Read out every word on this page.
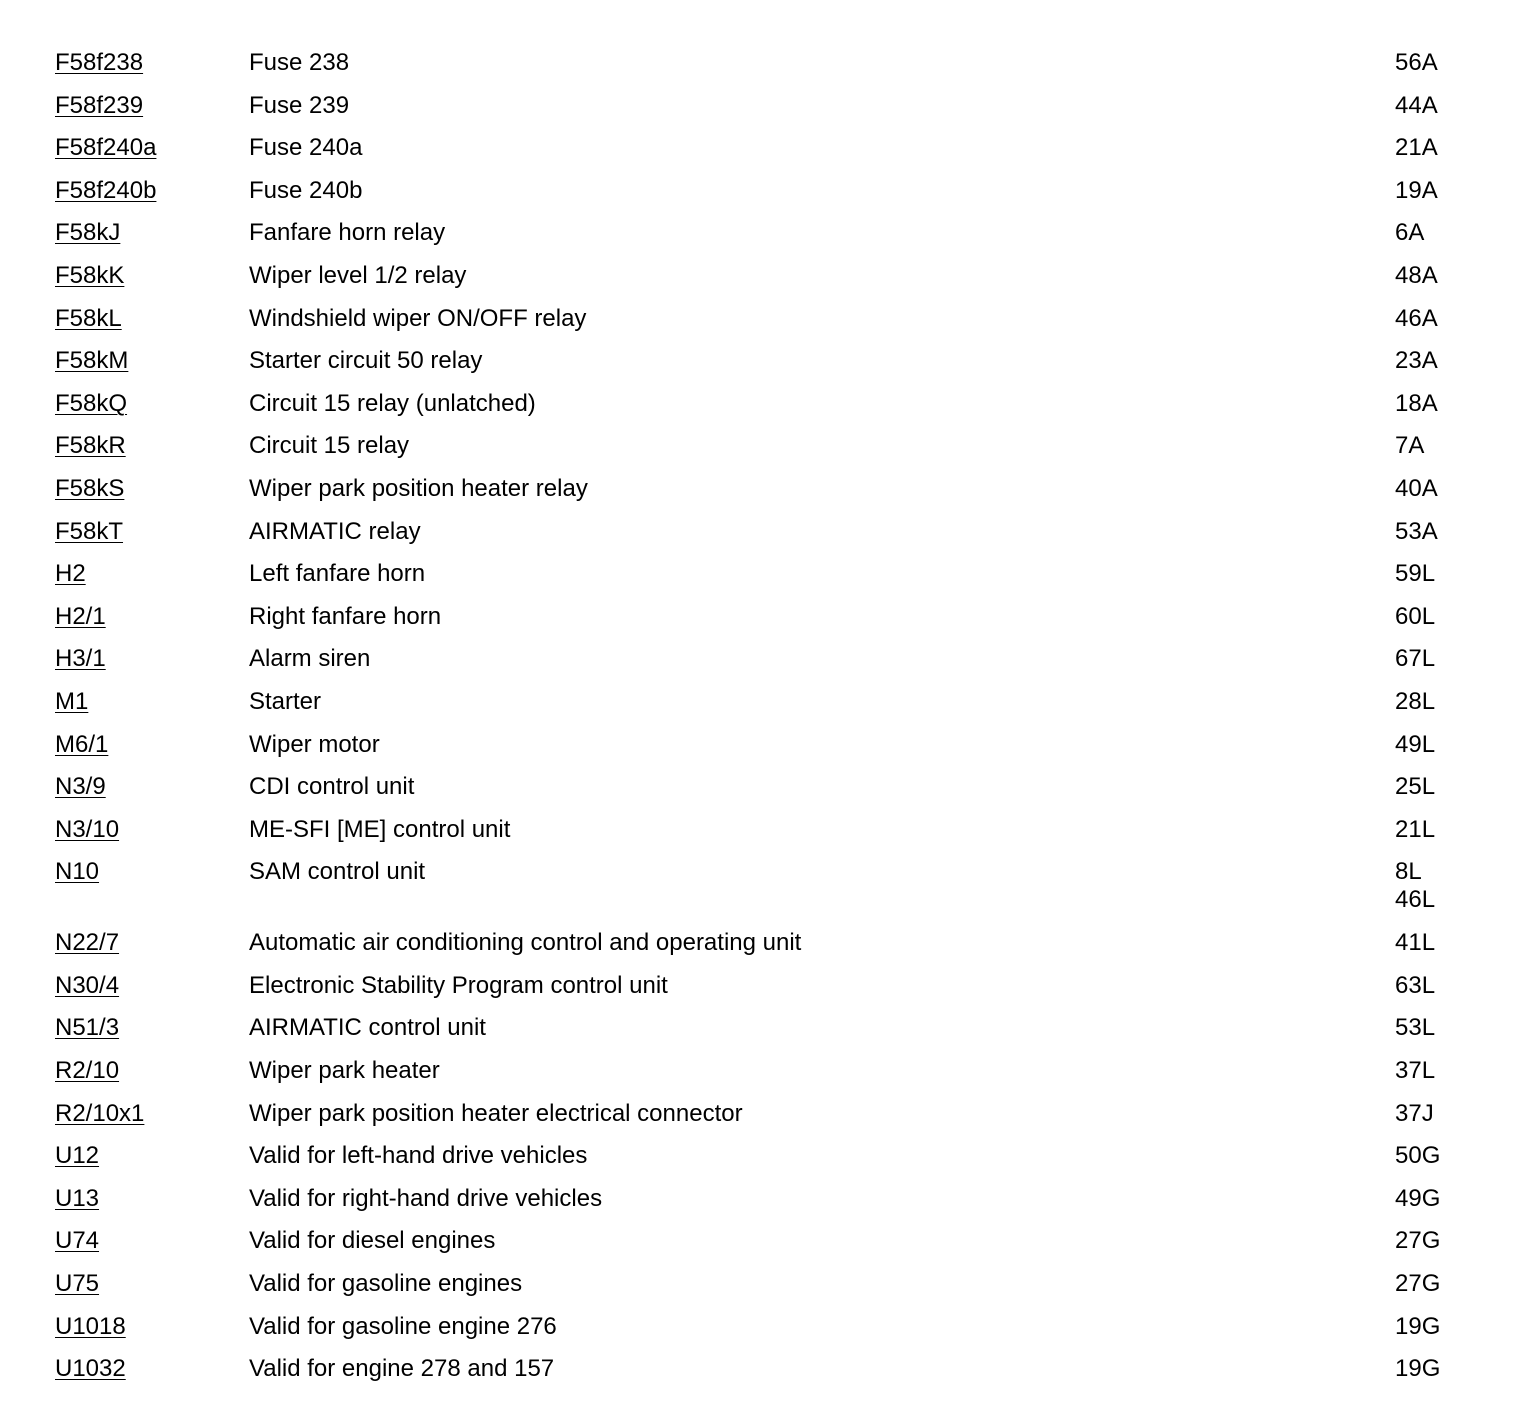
F58f238	Fuse 238	56A
F58f239	Fuse 239	44A
F58f240a	Fuse 240a	21A
F58f240b	Fuse 240b	19A
F58kJ	Fanfare horn relay	6A
F58kK	Wiper level 1/2 relay	48A
F58kL	Windshield wiper ON/OFF relay	46A
F58kM	Starter circuit 50 relay	23A
F58kQ	Circuit 15 relay (unlatched)	18A
F58kR	Circuit 15 relay	7A
F58kS	Wiper park position heater relay	40A
F58kT	AIRMATIC relay	53A
H2	Left fanfare horn	59L
H2/1	Right fanfare horn	60L
H3/1	Alarm siren	67L
M1	Starter	28L
M6/1	Wiper motor	49L
N3/9	CDI control unit	25L
N3/10	ME-SFI [ME] control unit	21L
N10	SAM control unit	8L
46L
N22/7	Automatic air conditioning control and operating unit	41L
N30/4	Electronic Stability Program control unit	63L
N51/3	AIRMATIC control unit	53L
R2/10	Wiper park heater	37L
R2/10x1	Wiper park position heater electrical connector	37J
U12	Valid for left-hand drive vehicles	50G
U13	Valid for right-hand drive vehicles	49G
U74	Valid for diesel engines	27G
U75	Valid for gasoline engines	27G
U1018	Valid for gasoline engine 276	19G
U1032	Valid for engine 278 and 157	19G
